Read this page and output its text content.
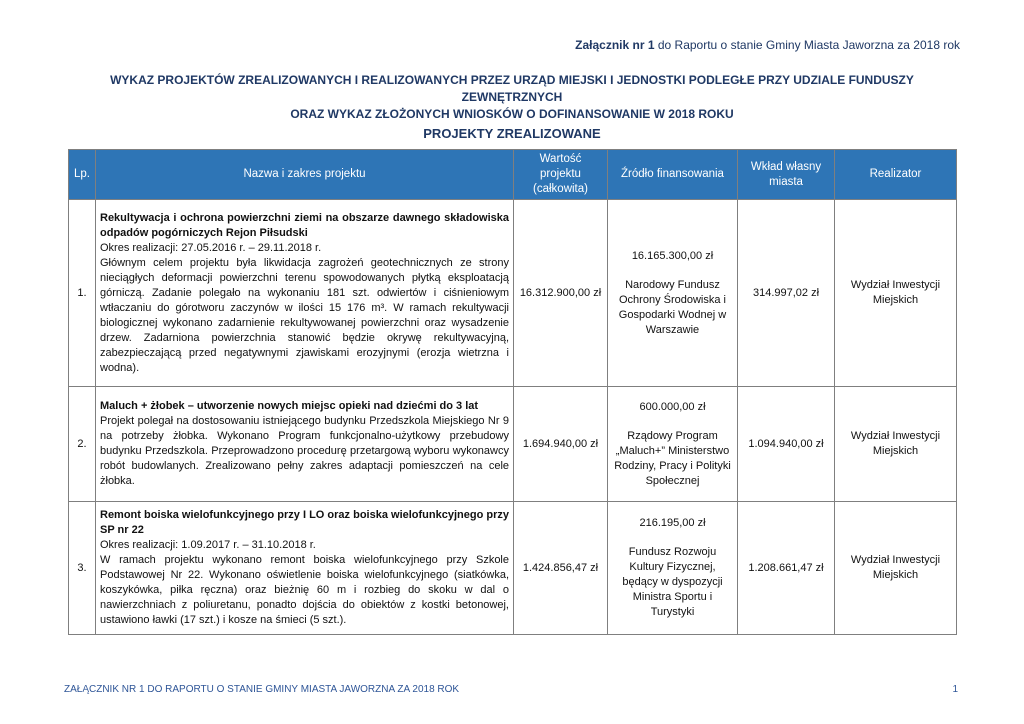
Załącznik nr 1 do Raportu o stanie Gminy Miasta Jaworzna za 2018 rok
WYKAZ PROJEKTÓW ZREALIZOWANYCH I REALIZOWANYCH PRZEZ URZĄD MIEJSKI I JEDNOSTKI PODLEGŁE PRZY UDZIALE FUNDUSZY ZEWNĘTRZNYCH
ORAZ WYKAZ ZŁOŻONYCH WNIOSKÓW O DOFINANSOWANIE W 2018 ROKU
PROJEKTY ZREALIZOWANE
Lp.	Nazwa i zakres projektu	Wartość projektu (całkowita)	Źródło finansowania	Wkład własny miasta	Realizator
1.	Rekultywacja i ochrona powierzchni ziemi na obszarze dawnego składowiska odpadów pogórniczych Rejon Piłsudski
Okres realizacji: 27.05.2016 r. – 29.11.2018 r.
Głównym celem projektu była likwidacja zagrożeń geotechnicznych ze strony nieciągłych deformacji powierzchni terenu spowodowanych płytką eksploatacją górniczą. Zadanie polegało na wykonaniu 181 szt. odwiertów i ciśnieniowym wtłaczaniu do górotworu zaczynów w ilości 15 176 m³. W ramach rekultywacji biologicznej wykonano zadarnienie rekultywowanej powierzchni oraz wysadzenie drzew. Zadarniona powierzchnia stanowić będzie okrywę rekultywacyjną, zabezpieczającą przed negatywnymi zjawiskami erozyjnymi (erozja wietrzna i wodna).	16.312.900,00 zł	16.165.300,00 zł
Narodowy Fundusz Ochrony Środowiska i Gospodarki Wodnej w Warszawie	314.997,02 zł	Wydział Inwestycji Miejskich
2.	Maluch + żłobek – utworzenie nowych miejsc opieki nad dziećmi do 3 lat
Projekt polegał na dostosowaniu istniejącego budynku Przedszkola Miejskiego Nr 9 na potrzeby żłobka. Wykonano Program funkcjonalno-użytkowy przebudowy budynku Przedszkola. Przeprowadzono procedurę przetargową wyboru wykonawcy robót budowlanych. Zrealizowano pełny zakres adaptacji pomieszczeń na cele żłobka.	1.694.940,00 zł	600.000,00 zł
Rządowy Program „Maluch+” Ministerstwo Rodziny, Pracy i Polityki Społecznej	1.094.940,00 zł	Wydział Inwestycji Miejskich
3.	Remont boiska wielofunkcyjnego przy I LO oraz boiska wielofunkcyjnego przy SP nr 22
Okres realizacji: 1.09.2017 r. – 31.10.2018 r.
W ramach projektu wykonano remont boiska wielofunkcyjnego przy Szkole Podstawowej Nr 22. Wykonano oświetlenie boiska wielofunkcyjnego (siatkówka, koszykówka, piłka ręczna) oraz bieżnię 60 m i rozbieg do skoku w dal o nawierzchniach z poliuretanu, ponadto dojścia do obiektów z kostki betonowej, ustawiono ławki (17 szt.) i kosze na śmieci (5 szt.).	1.424.856,47 zł	216.195,00 zł
Fundusz Rozwoju Kultury Fizycznej, będący w dyspozycji Ministra Sportu i Turystyki	1.208.661,47 zł	Wydział Inwestycji Miejskich
ZAŁĄCZNIK NR 1 DO RAPORTU O STANIE GMINY MIASTA JAWORZNA ZA 2018 ROK	1
